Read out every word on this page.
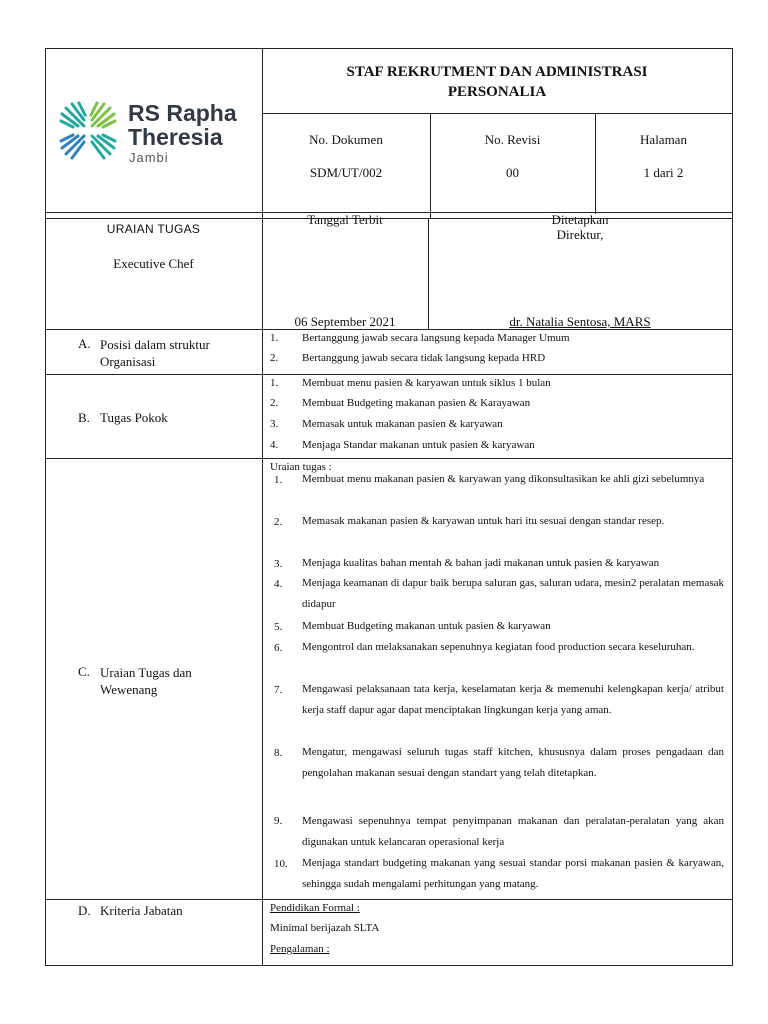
RS Rapha
Theresia
Jambi
STAF REKRUTMENT DAN ADMINISTRASI
PERSONALIA
No. Dokumen
SDM/UT/002
No. Revisi
00
Halaman
1 dari 2
URAIAN TUGAS
Executive Chef
Tanggal Terbit
06 September 2021
Ditetapkan
Direktur,
dr. Natalia Sentosa, MARS
A. Posisi dalam struktur
Organisasi
1. Bertanggung jawab secara langsung kepada Manager Umum
2. Bertanggung jawab secara tidak langsung kepada HRD
B. Tugas Pokok
1. Membuat menu pasien & karyawan untuk siklus 1 bulan
2. Membuat Budgeting makanan pasien & Karayawan
3. Memasak untuk makanan pasien & karyawan
4. Menjaga Standar makanan untuk pasien & karyawan
C. Uraian Tugas dan
Wewenang
Uraian tugas :
1. Membuat menu makanan pasien & karyawan yang dikonsultasikan ke ahli gizi sebelumnya
2. Memasak makanan pasien & karyawan untuk hari itu sesuai dengan standar resep.
3. Menjaga kualitas bahan mentah & bahan jadi makanan untuk pasien & karyawan
4. Menjaga keamanan di dapur baik berupa saluran gas, saluran udara, mesin2 peralatan memasak didapur
5. Membuat Budgeting makanan untuk pasien & karyawan
6. Mengontrol dan melaksanakan sepenuhnya kegiatan food production secara keseluruhan.
7. Mengawasi pelaksanaan tata kerja, keselamatan kerja & memenuhi kelengkapan kerja/ atribut kerja staff dapur agar dapat menciptakan lingkungan kerja yang aman.
8. Mengatur, mengawasi seluruh tugas staff kitchen, khususnya dalam proses pengadaan dan pengolahan makanan sesuai dengan standart yang telah ditetapkan.
9. Mengawasi sepenuhnya tempat penyimpanan makanan dan peralatan-peralatan yang akan digunakan untuk kelancaran operasional kerja
10. Menjaga standart budgeting makanan yang sesuai standar porsi makanan pasien & karyawan, sehingga sudah mengalami perhitungan yang matang.
D. Kriteria Jabatan	Pendidikan Formal :
Minimal berijazah SLTA
Pengalaman :
